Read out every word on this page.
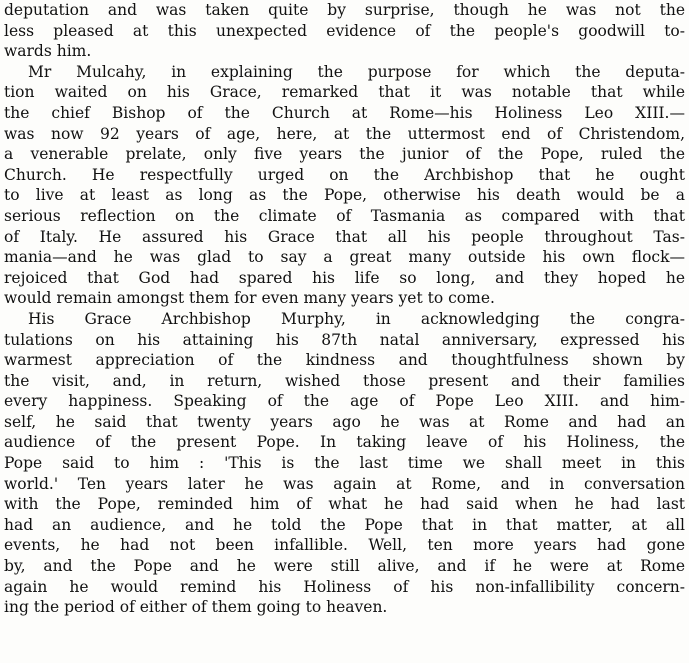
deputation and was taken quite by surprise, though he was not the
less pleased at this unexpected evidence of the people's goodwill to-
wards him.
Mr Mulcahy, in explaining the purpose for which the deputa-
tion waited on his Grace, remarked that it was notable that while
the chief Bishop of the Church at Rome—his Holiness Leo XIII.—
was now 92 years of age, here, at the uttermost end of Christendom,
a venerable prelate, only five years the junior of the Pope, ruled the
Church. He respectfully urged on the Archbishop that he ought
to live at least as long as the Pope, otherwise his death would be a
serious reflection on the climate of Tasmania as compared with that
of Italy. He assured his Grace that all his people throughout Tas-
mania—and he was glad to say a great many outside his own flock—
rejoiced that God had spared his life so long, and they hoped he
would remain amongst them for even many years yet to come.
His Grace Archbishop Murphy, in acknowledging the congra-
tulations on his attaining his 87th natal anniversary, expressed his
warmest appreciation of the kindness and thoughtfulness shown by
the visit, and, in return, wished those present and their families
every happiness. Speaking of the age of Pope Leo XIII. and him-
self, he said that twenty years ago he was at Rome and had an
audience of the present Pope. In taking leave of his Holiness, the
Pope said to him : 'This is the last time we shall meet in this
world.' Ten years later he was again at Rome, and in conversation
with the Pope, reminded him of what he had said when he had last
had an audience, and he told the Pope that in that matter, at all
events, he had not been infallible. Well, ten more years had gone
by, and the Pope and he were still alive, and if he were at Rome
again he would remind his Holiness of his non-infallibility concern-
ing the period of either of them going to heaven.
